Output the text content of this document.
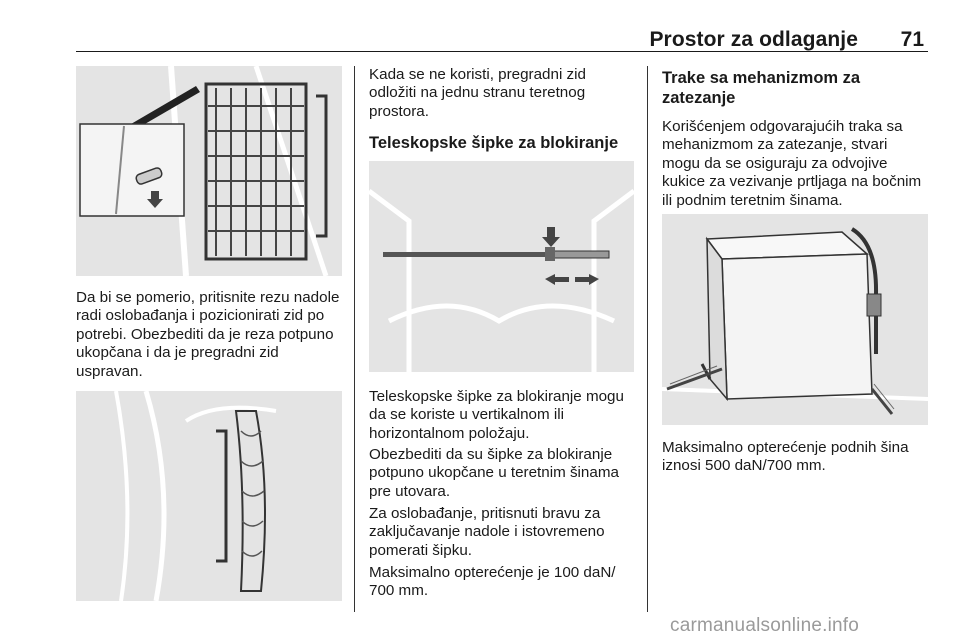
Prostor za odlaganje 71
Da bi se pomerio, pritisnite rezu nadole radi oslobađanja i pozicionirati zid po potrebi. Obezbediti da je reza potpuno ukopčana i da je pregradni zid uspravan.
Kada se ne koristi, pregradni zid odložiti na jednu stranu teretnog prostora.
Teleskopske šipke za blokiranje
Teleskopske šipke za blokiranje mogu da se koriste u vertikalnom ili horizontalnom položaju.
Obezbediti da su šipke za blokiranje potpuno ukopčane u teretnim šinama pre utovara.
Za oslobađanje, pritisnuti bravu za zaključavanje nadole i istovremeno pomerati šipku.
Maksimalno opterećenje je 100 daN/ 700 mm.
Trake sa mehanizmom za zatezanje
Korišćenjem odgovarajućih traka sa mehanizmom za zatezanje, stvari mogu da se osiguraju za odvojive kukice za vezivanje prtljaga na bočnim ili podnim teretnim šinama.
Maksimalno opterećenje podnih šina iznosi 500 daN/700 mm.
carmanualsonline.info
